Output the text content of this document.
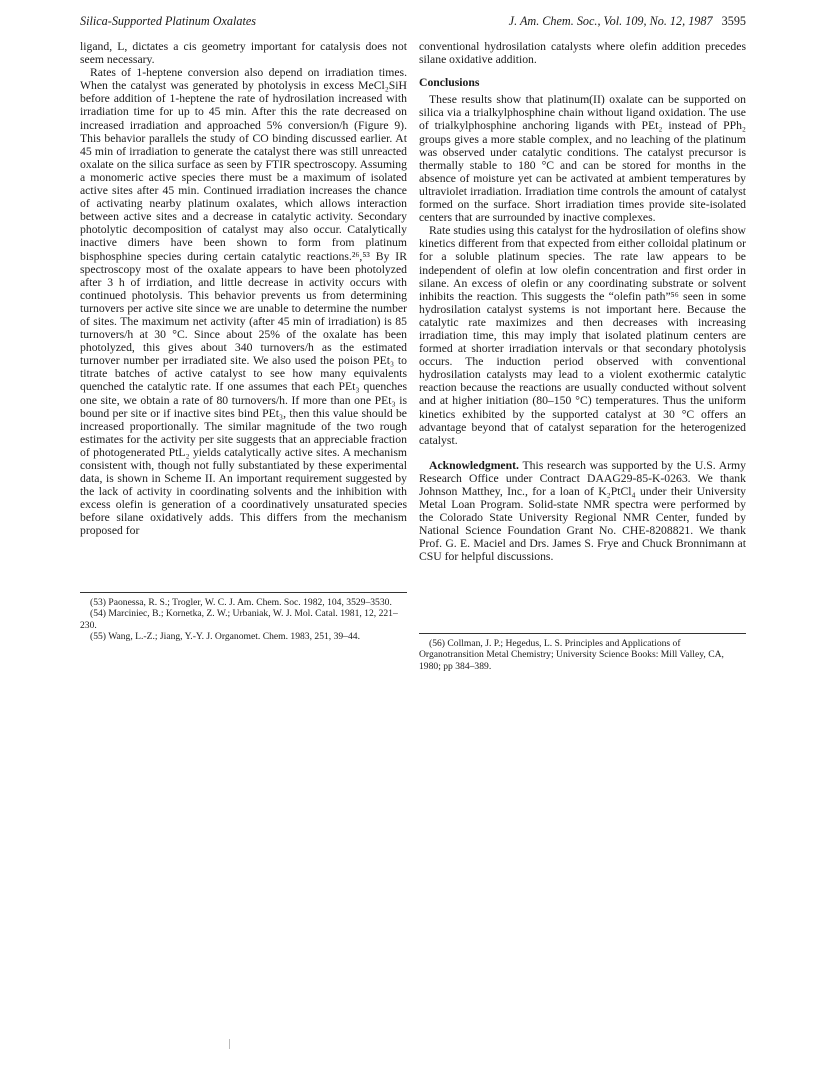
Silica-Supported Platinum Oxalates	J. Am. Chem. Soc., Vol. 109, No. 12, 1987 3595

ligand, L, dictates a cis geometry important for catalysis does not seem necessary.

Rates of 1-heptene conversion also depend on irradiation times. When the catalyst was generated by photolysis in excess MeCl₂SiH before addition of 1-heptene the rate of hydrosilation increased with irradiation time for up to 45 min. After this the rate decreased on increased irradiation and approached 5% conversion/h (Figure 9). This behavior parallels the study of CO binding discussed earlier. At 45 min of irradiation to generate the catalyst there was still unreacted oxalate on the silica surface as seen by FTIR spectroscopy. Assuming a monomeric active species there must be a maximum of isolated active sites after 45 min. Continued irradiation increases the chance of activating nearby platinum oxalates, which allows interaction between active sites and a decrease in catalytic activity. Secondary photolytic decomposition of catalyst may also occur. Catalytically inactive dimers have been shown to form from platinum bisphosphine species during certain catalytic reactions.²⁶,⁵³ By IR spectroscopy most of the oxalate appears to have been photolyzed after 3 h of irrdiation, and little decrease in activity occurs with continued photolysis. This behavior prevents us from determining turnovers per active site since we are unable to determine the number of sites. The maximum net activity (after 45 min of irradiation) is 85 turnovers/h at 30 °C. Since about 25% of the oxalate has been photolyzed, this gives about 340 turnovers/h as the estimated turnover number per irradiated site. We also used the poison PEt₃ to titrate batches of active catalyst to see how many equivalents quenched the catalytic rate. If one assumes that each PEt₃ quenches one site, we obtain a rate of 80 turnovers/h. If more than one PEt₃ is bound per site or if inactive sites bind PEt₃, then this value should be increased proportionally. The similar magnitude of the two rough estimates for the activity per site suggests that an appreciable fraction of photogenerated PtL₂ yields catalytically active sites. A mechanism consistent with, though not fully substantiated by these experimental data, is shown in Scheme II. An important requirement suggested by the lack of activity in coordinating solvents and the inhibition with excess olefin is generation of a coordinatively unsaturated species before silane oxidatively adds. This differs from the mechanism proposed for

(53) Paonessa, R. S.; Trogler, W. C. J. Am. Chem. Soc. 1982, 104, 3529–3530.

(54) Marciniec, B.; Kornetka, Z. W.; Urbaniak, W. J. Mol. Catal. 1981, 12, 221–230.

(55) Wang, L.-Z.; Jiang, Y.-Y. J. Organomet. Chem. 1983, 251, 39–44.

conventional hydrosilation catalysts where olefin addition precedes silane oxidative addition.

Conclusions

These results show that platinum(II) oxalate can be supported on silica via a trialkylphosphine chain without ligand oxidation. The use of trialkylphosphine anchoring ligands with PEt₂ instead of PPh₂ groups gives a more stable complex, and no leaching of the platinum was observed under catalytic conditions. The catalyst precursor is thermally stable to 180 °C and can be stored for months in the absence of moisture yet can be activated at ambient temperatures by ultraviolet irradiation. Irradiation time controls the amount of catalyst formed on the surface. Short irradiation times provide site-isolated centers that are surrounded by inactive complexes.

Rate studies using this catalyst for the hydrosilation of olefins show kinetics different from that expected from either colloidal platinum or for a soluble platinum species. The rate law appears to be independent of olefin at low olefin concentration and first order in silane. An excess of olefin or any coordinating substrate or solvent inhibits the reaction. This suggests the “olefin path”⁵⁶ seen in some hydrosilation catalyst systems is not important here. Because the catalytic rate maximizes and then decreases with increasing irradiation time, this may imply that isolated platinum centers are formed at shorter irradiation intervals or that secondary photolysis occurs. The induction period observed with conventional hydrosilation catalysts may lead to a violent exothermic catalytic reaction because the reactions are usually conducted without solvent and at higher initiation (80–150 °C) temperatures. Thus the uniform kinetics exhibited by the supported catalyst at 30 °C offers an advantage beyond that of catalyst separation for the heterogenized catalyst.

Acknowledgment. This research was supported by the U.S. Army Research Office under Contract DAAG29-85-K-0263. We thank Johnson Matthey, Inc., for a loan of K₂PtCl₄ under their University Metal Loan Program. Solid-state NMR spectra were performed by the Colorado State University Regional NMR Center, funded by National Science Foundation Grant No. CHE-8208821. We thank Prof. G. E. Maciel and Drs. James S. Frye and Chuck Bronnimann at CSU for helpful discussions.

(56) Collman, J. P.; Hegedus, L. S. Principles and Applications of Organotransition Metal Chemistry; University Science Books: Mill Valley, CA, 1980; pp 384–389.
